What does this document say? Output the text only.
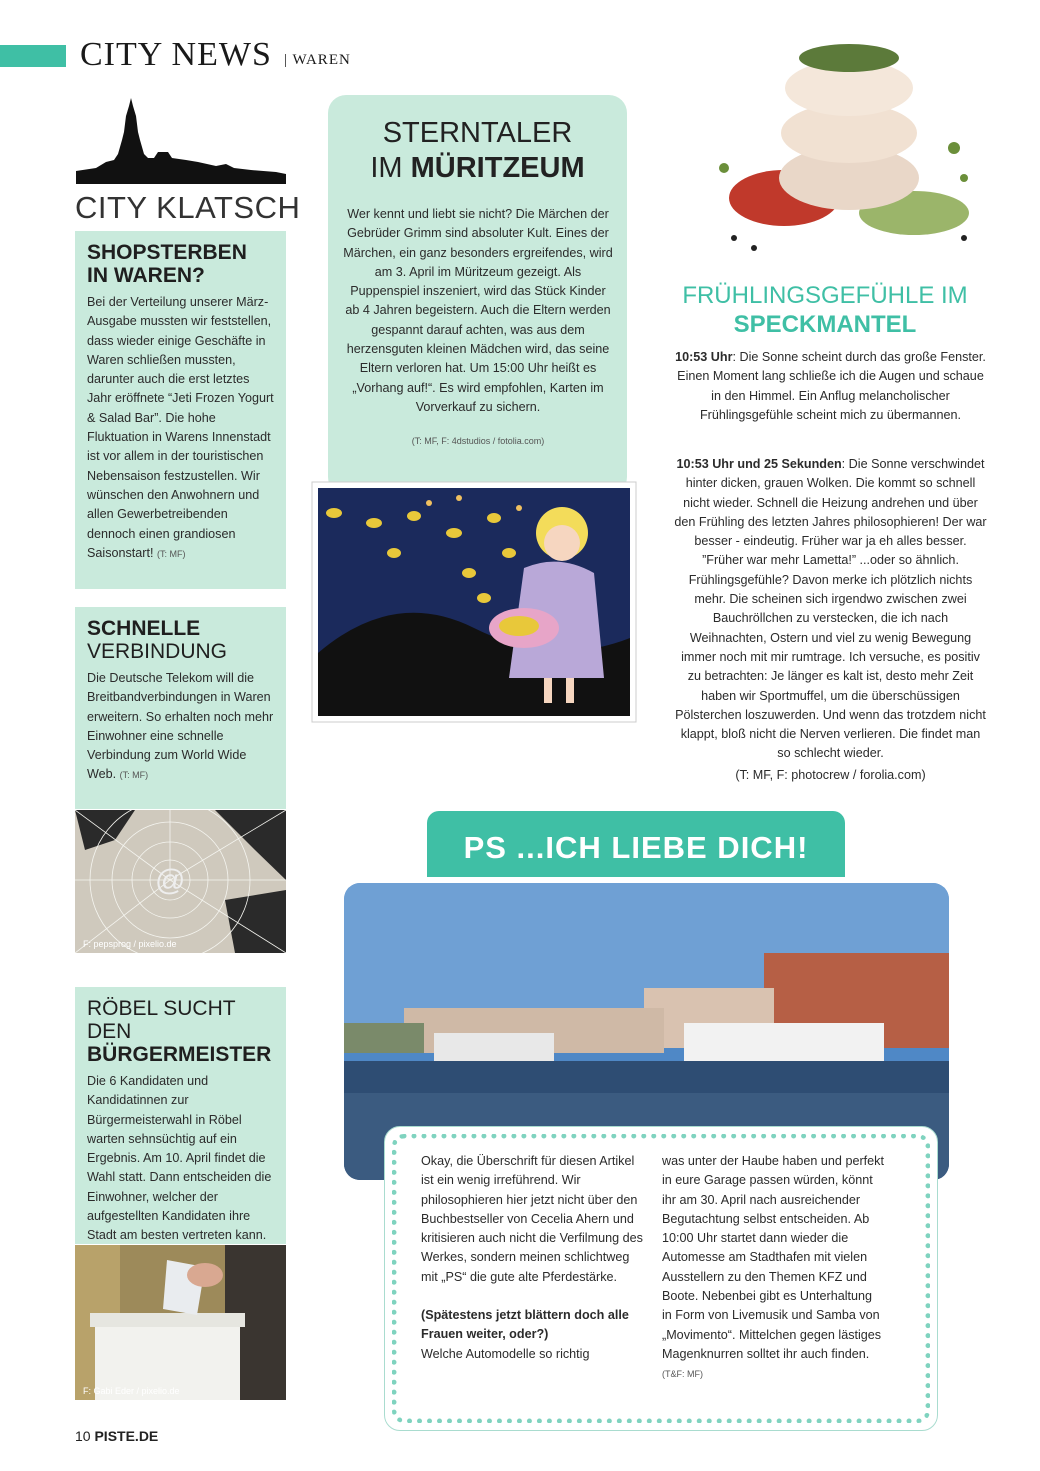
CITY NEWS | WAREN
CITY KLATSCH
SHOPSTERBEN
IN WAREN?

Bei der Verteilung unserer März-Ausgabe mussten wir feststellen, dass wieder einige Geschäfte in Waren schließen mussten, darunter auch die erst letztes Jahr eröffnete “Jeti Frozen Yogurt & Salad Bar”. Die hohe Fluktuation in Warens Innenstadt ist vor allem in der touristischen Nebensaison festzustellen. Wir wünschen den Anwohnern und allen Gewerbetreibenden dennoch einen grandiosen Saisonstart! (T: MF)

SCHNELLE
VERBINDUNG

Die Deutsche Telekom will die Breitbandverbindungen in Waren erweitern. So erhalten noch mehr Einwohner eine schnelle Verbindung zum World Wide Web. (T: MF)

@
F: pepsprog / pixelio.de
RÖBEL SUCHT DEN
BÜRGERMEISTER

Die 6 Kandidaten und Kandidatinnen zur Bürgermeisterwahl in Röbel warten sehnsüchtig auf ein Ergebnis. Am 10. April findet die Wahl statt. Dann entscheiden die Einwohner, welcher der aufgestellten Kandidaten ihre Stadt am besten vertreten kann.

F: Gabi Eder / pixelio.de
STERNTALER
IM MÜRITZEUM
Wer kennt und liebt sie nicht? Die Märchen der Gebrüder Grimm sind absoluter Kult. Eines der Märchen, ein ganz besonders ergreifendes, wird am 3. April im Müritzeum gezeigt. Als Puppenspiel inszeniert, wird das Stück Kinder ab 4 Jahren begeistern. Auch die Eltern werden gespannt darauf achten, was aus dem herzensguten kleinen Mädchen wird, das seine Eltern verloren hat. Um 15:00 Uhr heißt es „Vorhang auf!“. Es wird empfohlen, Karten im Vorverkauf zu sichern.
(T: MF, F: 4dstudios / fotolia.com)
FRÜHLINGSGEFÜHLE IM
SPECKMANTEL
10:53 Uhr: Die Sonne scheint durch das große Fenster. Einen Moment lang schließe ich die Augen und schaue in den Himmel. Ein Anflug melancholischer Frühlingsgefühle scheint mich zu übermannen.
10:53 Uhr und 25 Sekunden: Die Sonne verschwindet hinter dicken, grauen Wolken. Die kommt so schnell nicht wieder. Schnell die Heizung andrehen und über den Frühling des letzten Jahres philosophieren! Der war besser - eindeutig. Früher war ja eh alles besser. ”Früher war mehr Lametta!” ...oder so ähnlich. Frühlingsgefühle? Davon merke ich plötzlich nichts mehr. Die scheinen sich irgendwo zwischen zwei Bauchröllchen zu verstecken, die ich nach Weihnachten, Ostern und viel zu wenig Bewegung immer noch mit mir rumtrage. Ich versuche, es positiv zu betrachten: Je länger es kalt ist, desto mehr Zeit haben wir Sportmuffel, um die überschüssigen Pölsterchen loszuwerden. Und wenn das trotzdem nicht klappt, bloß nicht die Nerven verlieren. Die findet man so schlecht wieder.
(T: MF, F: photocrew / forolia.com)
PS ...ICH LIEBE DICH!

Okay, die Überschrift für diesen Artikel ist ein wenig irreführend. Wir philosophieren hier jetzt nicht über den Buchbestseller von Cecelia Ahern und kritisieren auch nicht die Verfilmung des Werkes, sondern meinen schlichtweg mit „PS“ die gute alte Pferdestärke.

(Spätestens jetzt blättern doch alle Frauen weiter, oder?)

Welche Automodelle so richtig

was unter der Haube haben und perfekt in eure Garage passen würden, könnt ihr am 30. April nach ausreichender Begutachtung selbst entscheiden. Ab 10:00 Uhr startet dann wieder die Automesse am Stadthafen mit vielen Ausstellern zu den Themen KFZ und Boote. Nebenbei gibt es Unterhaltung in Form von Livemusik und Samba von „Movimento“. Mittelchen gegen lästiges Magenknurren solltet ihr auch finden. (T&F: MF)

10 PISTE.DE
